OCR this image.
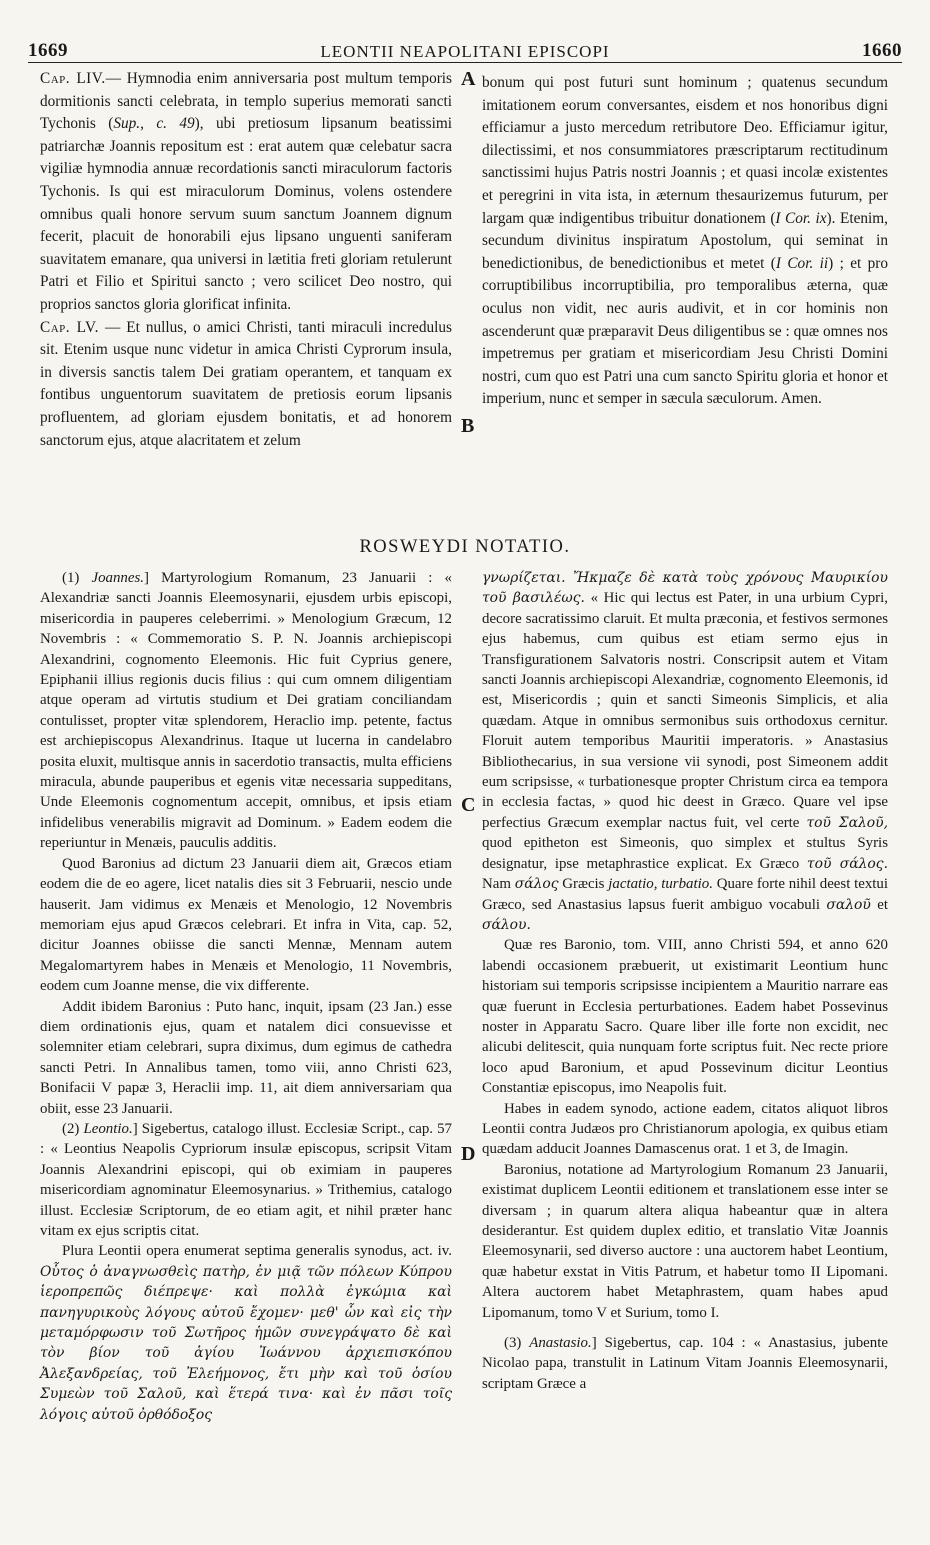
1669	LEONTII NEAPOLITANI EPISCOPI	1660

Cap. LIV.— Hymnodia enim anniversaria post multum temporis dormitionis sancti celebrata, in templo superius memorati sancti Tychonis (Sup., c. 49), ubi pretiosum lipsanum beatissimi patriarchæ Joannis repositum est : erat autem quæ celebatur sacra vigiliæ hymnodia annuæ recordationis sancti miraculorum factoris Tychonis. Is qui est miraculorum Dominus, volens ostendere omnibus quali honore servum suum sanctum Joannem dignum fecerit, placuit de honorabili ejus lipsano unguenti saniferam suavitatem emanare, qua universi in lætitia freti gloriam retulerunt Patri et Filio et Spiritui sancto ; vero scilicet Deo nostro, qui proprios sanctos gloria glorificat infinita.

Cap. LV. — Et nullus, o amici Christi, tanti miraculi incredulus sit. Etenim usque nunc videtur in amica Christi Cyprorum insula, in diversis sanctis talem Dei gratiam operantem, et tanquam ex fontibus unguentorum suavitatem de pretiosis eorum lipsanis profluentem, ad gloriam ejusdem bonitatis, et ad honorem sanctorum ejus, atque alacritatem et zelum

A
B

bonum qui post futuri sunt hominum ; quatenus secundum imitationem eorum conversantes, eisdem et nos honoribus digni efficiamur a justo mercedum retributore Deo. Efficiamur igitur, dilectissimi, et nos consummiatores præscriptarum rectitudinum sanctissimi hujus Patris nostri Joannis ; et quasi incolæ existentes et peregrini in vita ista, in æternum thesaurizemus futurum, per largam quæ indigentibus tribuitur donationem (I Cor. ix). Etenim, secundum divinitus inspiratum Apostolum, qui seminat in benedictionibus, de benedictionibus et metet (I Cor. ii) ; et pro corruptibilibus incorruptibilia, pro temporalibus æterna, quæ oculus non vidit, nec auris audivit, et in cor hominis non ascenderunt quæ præparavit Deus diligentibus se : quæ omnes nos impetremus per gratiam et misericordiam Jesu Christi Domini nostri, cum quo est Patri una cum sancto Spiritu gloria et honor et imperium, nunc et semper in sæcula sæculorum. Amen.

ROSWEYDI NOTATIO.

(1) Joannes.] Martyrologium Romanum, 23 Januarii : « Alexandriæ sancti Joannis Eleemosynarii, ejusdem urbis episcopi, misericordia in pauperes celeberrimi. » Menologium Græcum, 12 Novembris : « Commemoratio S. P. N. Joannis archiepiscopi Alexandrini, cognomento Eleemonis. Hic fuit Cyprius genere, Epiphanii illius regionis ducis filius : qui cum omnem diligentiam atque operam ad virtutis studium et Dei gratiam conciliandam contulisset, propter vitæ splendorem, Heraclio imp. petente, factus est archiepiscopus Alexandrinus. Itaque ut lucerna in candelabro posita eluxit, multisque annis in sacerdotio transactis, multa efficiens miracula, abunde pauperibus et egenis vitæ necessaria suppeditans, Unde Eleemonis cognomentum accepit, omnibus, et ipsis etiam infidelibus venerabilis migravit ad Dominum. » Eadem eodem die reperiuntur in Menæis, pauculis additis.

Quod Baronius ad dictum 23 Januarii diem ait, Græcos etiam eodem die de eo agere, licet natalis dies sit 3 Februarii, nescio unde hauserit. Jam vidimus ex Menæis et Menologio, 12 Novembris memoriam ejus apud Græcos celebrari. Et infra in Vita, cap. 52, dicitur Joannes obiisse die sancti Mennæ, Mennam autem Megalomartyrem habes in Menæis et Menologio, 11 Novembris, eodem cum Joanne mense, die vix differente.

Addit ibidem Baronius : Puto hanc, inquit, ipsam (23 Jan.) esse diem ordinationis ejus, quam et natalem dici consuevisse et solemniter etiam celebrari, supra diximus, dum egimus de cathedra sancti Petri. In Annalibus tamen, tomo viii, anno Christi 623, Bonifacii V papæ 3, Heraclii imp. 11, ait diem anniversariam qua obiit, esse 23 Januarii.

(2) Leontio.] Sigebertus, catalogo illust. Ecclesiæ Script., cap. 57 : « Leontius Neapolis Cypriorum insulæ episcopus, scripsit Vitam Joannis Alexandrini episcopi, qui ob eximiam in pauperes misericordiam agnominatur Eleemosynarius. » Trithemius, catalogo illust. Ecclesiæ Scriptorum, de eo etiam agit, et nihil præter hanc vitam ex ejus scriptis citat.

Plura Leontii opera enumerat septima generalis synodus, act. iv. Οὗτος ὁ ἀναγνωσθεὶς πατὴρ, ἐν μιᾷ τῶν πόλεων Κύπρου ἱεροπρεπῶς διέπρεψε· καὶ πολλὰ ἐγκώμια καὶ πανηγυρικοὺς λόγους αὐτοῦ ἔχομεν· μεθ' ὧν καὶ εἰς τὴν μεταμόρφωσιν τοῦ Σωτῆρος ἡμῶν συνεγράψατο δὲ καὶ τὸν βίον τοῦ ἁγίου Ἰωάννου ἀρχιεπισκόπου Ἀλεξανδρείας, τοῦ Ἐλεήμονος, ἔτι μὴν καὶ τοῦ ὁσίου Συμεὼν τοῦ Σαλοῦ, καὶ ἕτερά τινα· καὶ ἐν πᾶσι τοῖς λόγοις αὐτοῦ ὀρθόδοξος

C
D

γνωρίζεται. Ἤκμαζε δὲ κατὰ τοὺς χρόνους Μαυρικίου τοῦ βασιλέως. « Hic qui lectus est Pater, in una urbium Cypri, decore sacratissimo claruit. Et multa præconia, et festivos sermones ejus habemus, cum quibus est etiam sermo ejus in Transfigurationem Salvatoris nostri. Conscripsit autem et Vitam sancti Joannis archiepiscopi Alexandriæ, cognomento Eleemonis, id est, Misericordis ; quin et sancti Simeonis Simplicis, et alia quædam. Atque in omnibus sermonibus suis orthodoxus cernitur. Floruit autem temporibus Mauritii imperatoris. » Anastasius Bibliothecarius, in sua versione vii synodi, post Simeonem addit eum scripsisse, « turbationesque propter Christum circa ea tempora in ecclesia factas, » quod hic deest in Græco. Quare vel ipse perfectius Græcum exemplar nactus fuit, vel certe τοῦ Σαλοῦ, quod epitheton est Simeonis, quo simplex et stultus Syris designatur, ipse metaphrastice explicat. Ex Græco τοῦ σάλος. Nam σάλος Græcis jactatio, turbatio. Quare forte nihil deest textui Græco, sed Anastasius lapsus fuerit ambiguo vocabuli σαλοῦ et σάλου.

Quæ res Baronio, tom. VIII, anno Christi 594, et anno 620 labendi occasionem præbuerit, ut existimarit Leontium hunc historiam sui temporis scripsisse incipientem a Mauritio narrare eas quæ fuerunt in Ecclesia perturbationes. Eadem habet Possevinus noster in Apparatu Sacro. Quare liber ille forte non excidit, nec alicubi delitescit, quia nunquam forte scriptus fuit. Nec recte priore loco apud Baronium, et apud Possevinum dicitur Leontius Constantiæ episcopus, imo Neapolis fuit.

Habes in eadem synodo, actione eadem, citatos aliquot libros Leontii contra Judæos pro Christianorum apologia, ex quibus etiam quædam adducit Joannes Damascenus orat. 1 et 3, de Imagin.

Baronius, notatione ad Martyrologium Romanum 23 Januarii, existimat duplicem Leontii editionem et translationem esse inter se diversam ; in quarum altera aliqua habeantur quæ in altera desiderantur. Est quidem duplex editio, et translatio Vitæ Joannis Eleemosynarii, sed diverso auctore : una auctorem habet Leontium, quæ habetur exstat in Vitis Patrum, et habetur tomo II Lipomani. Altera auctorem habet Metaphrastem, quam habes apud Lipomanum, tomo V et Surium, tomo I.

(3) Anastasio.] Sigebertus, cap. 104 : « Anastasius, jubente Nicolao papa, transtulit in Latinum Vitam Joannis Eleemosynarii, scriptam Græce a
